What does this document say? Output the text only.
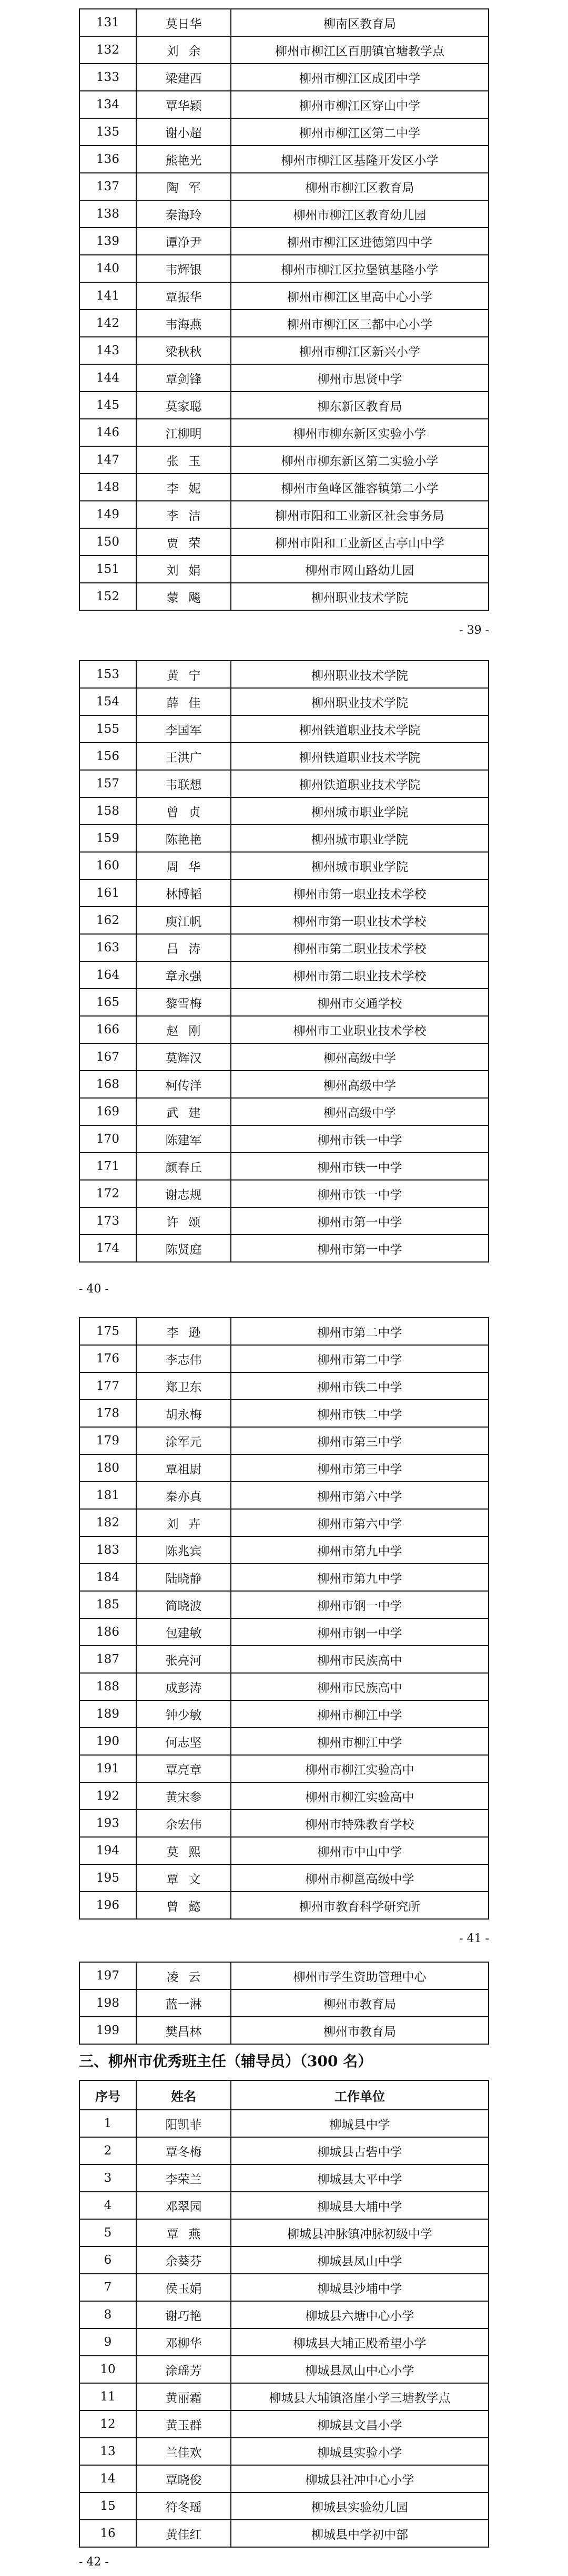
131	莫日华	柳南区教育局
132	刘 余	柳州市柳江区百朋镇官塘教学点
133	梁建西	柳州市柳江区成团中学
134	覃华颖	柳州市柳江区穿山中学
135	谢小超	柳州市柳江区第二中学
136	熊艳光	柳州市柳江区基隆开发区小学
137	陶 军	柳州市柳江区教育局
138	秦海玲	柳州市柳江区教育幼儿园
139	谭净尹	柳州市柳江区进德第四中学
140	韦辉银	柳州市柳江区拉堡镇基隆小学
141	覃振华	柳州市柳江区里高中心小学
142	韦海燕	柳州市柳江区三都中心小学
143	梁秋秋	柳州市柳江区新兴小学
144	覃剑锋	柳州市思贤中学
145	莫家聪	柳东新区教育局
146	江柳明	柳州市柳东新区实验小学
147	张 玉	柳州市柳东新区第二实验小学
148	李 妮	柳州市鱼峰区雒容镇第二小学
149	李 洁	柳州市阳和工业新区社会事务局
150	贾 荣	柳州市阳和工业新区古亭山中学
151	刘 娟	柳州市网山路幼儿园
152	蒙 飚	柳州职业技术学院
- 39 -
153	黄 宁	柳州职业技术学院
154	薛 佳	柳州职业技术学院
155	李国军	柳州铁道职业技术学院
156	王洪广	柳州铁道职业技术学院
157	韦联想	柳州铁道职业技术学院
158	曾 贞	柳州城市职业学院
159	陈艳艳	柳州城市职业学院
160	周 华	柳州城市职业学院
161	林博韬	柳州市第一职业技术学校
162	庾江帆	柳州市第一职业技术学校
163	吕 涛	柳州市第二职业技术学校
164	章永强	柳州市第二职业技术学校
165	黎雪梅	柳州市交通学校
166	赵 刚	柳州市工业职业技术学校
167	莫辉汉	柳州高级中学
168	柯传洋	柳州高级中学
169	武 建	柳州高级中学
170	陈建军	柳州市铁一中学
171	颜春丘	柳州市铁一中学
172	谢志规	柳州市铁一中学
173	许 颂	柳州市第一中学
174	陈贤庭	柳州市第一中学
- 40 -
175	李 逊	柳州市第二中学
176	李志伟	柳州市第二中学
177	郑卫东	柳州市铁二中学
178	胡永梅	柳州市铁二中学
179	涂军元	柳州市第三中学
180	覃祖尉	柳州市第三中学
181	秦亦真	柳州市第六中学
182	刘 卉	柳州市第六中学
183	陈兆宾	柳州市第九中学
184	陆晓静	柳州市第九中学
185	简晓波	柳州市钢一中学
186	包建敏	柳州市钢一中学
187	张亮河	柳州市民族高中
188	成彭涛	柳州市民族高中
189	钟少敏	柳州市柳江中学
190	何志坚	柳州市柳江中学
191	覃亮章	柳州市柳江实验高中
192	黄宋参	柳州市柳江实验高中
193	余宏伟	柳州市特殊教育学校
194	莫 熙	柳州市中山中学
195	覃 文	柳州市柳邕高级中学
196	曾 懿	柳州市教育科学研究所
- 41 -
197	凌 云	柳州市学生资助管理中心
198	蓝一淋	柳州市教育局
199	樊昌林	柳州市教育局
三、柳州市优秀班主任（辅导员）（300 名）
序号	姓名	工作单位
1	阳凯菲	柳城县中学
2	覃冬梅	柳城县古砦中学
3	李荣兰	柳城县太平中学
4	邓翠园	柳城县大埔中学
5	覃 燕	柳城县冲脉镇冲脉初级中学
6	余葵芬	柳城县凤山中学
7	侯玉娟	柳城县沙埔中学
8	谢巧艳	柳城县六塘中心小学
9	邓柳华	柳城县大埔正殿希望小学
10	涂瑶芳	柳城县凤山中心小学
11	黄丽霜	柳城县大埔镇洛崖小学三塘教学点
12	黄玉群	柳城县文昌小学
13	兰佳欢	柳城县实验小学
14	覃晓俊	柳城县社冲中心小学
15	符冬瑶	柳城县实验幼儿园
16	黄佳红	柳城县中学初中部
- 42 -
